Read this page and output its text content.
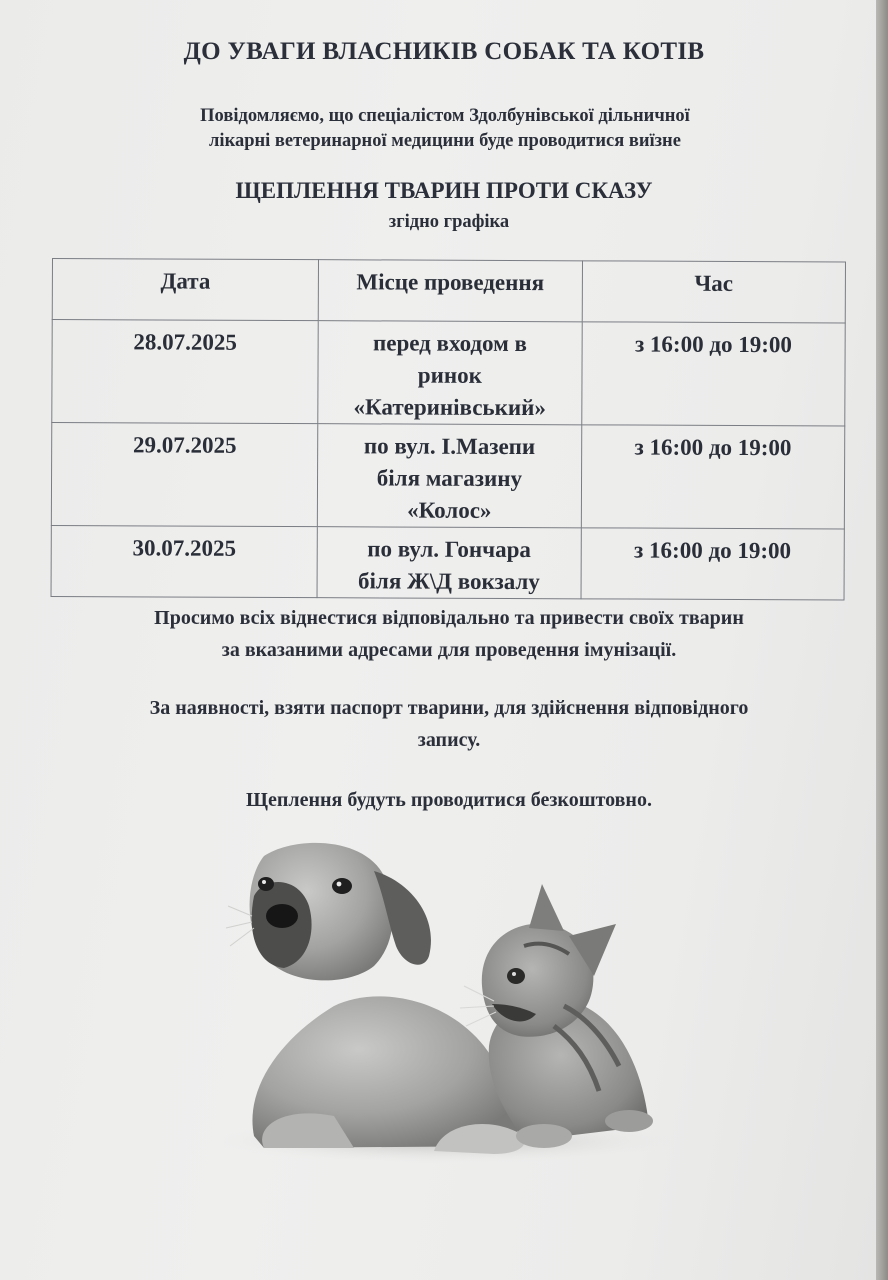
ДО УВАГИ ВЛАСНИКІВ СОБАК ТА КОТІВ
Повідомляємо, що спеціалістом Здолбунівської дільничної
лікарні ветеринарної медицини буде проводитися виїзне
ЩЕПЛЕННЯ ТВАРИН ПРОТИ СКАЗУ
згідно графіка
Дата	Місце проведення	Час
28.07.2025	перед входом в
ринок
«Катеринівський»	з 16:00 до 19:00
29.07.2025	по вул. І.Мазепи
біля магазину
«Колос»	з 16:00 до 19:00
30.07.2025	по вул. Гончара
біля Ж\Д вокзалу	з 16:00 до 19:00
Просимо всіх віднестися відповідально та привести своїх тварин
за вказаними адресами для проведення імунізації.
За наявності, взяти паспорт тварини, для здійснення відповідного
запису.
Щеплення будуть проводитися безкоштовно.
